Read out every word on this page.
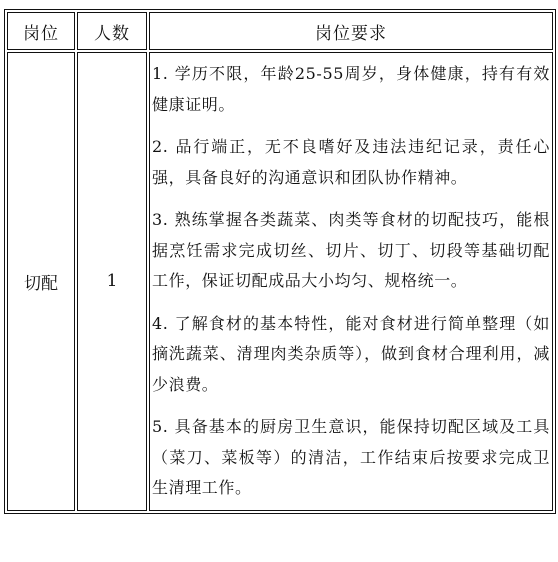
岗位	人数	岗位要求
切配	1	1. 学历不限，年龄25-55周岁，身体健康，持有有效健康证明。

2. 品行端正，无不良嗜好及违法违纪记录，责任心强，具备良好的沟通意识和团队协作精神。

3. 熟练掌握各类蔬菜、肉类等食材的切配技巧，能根据烹饪需求完成切丝、切片、切丁、切段等基础切配工作，保证切配成品大小均匀、规格统一。

4. 了解食材的基本特性，能对食材进行简单整理（如摘洗蔬菜、清理肉类杂质等），做到食材合理利用，减少浪费。

5. 具备基本的厨房卫生意识，能保持切配区域及工具（菜刀、菜板等）的清洁，工作结束后按要求完成卫生清理工作。
